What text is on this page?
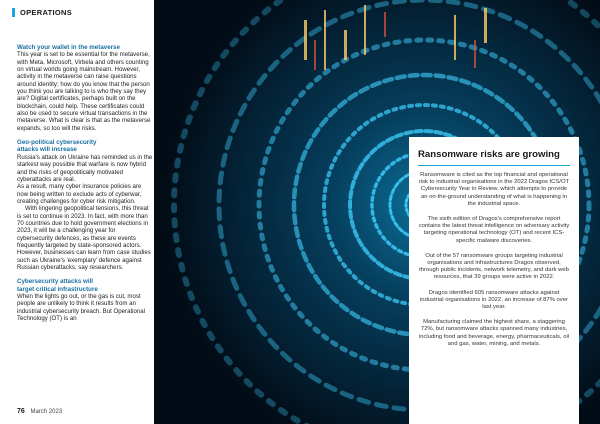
OPERATIONS
Watch your wallet in the metaverse

This year is set to be essential for the metaverse, with Meta, Microsoft, Virbela and others counting on virtual worlds going mainstream. However, activity in the metaverse can raise questions around identity; how do you know that the person you think you are talking to is who they say they are? Digital certificates, perhaps built on the blockchain, could help. These certificates could also be used to secure virtual transactions in the metaverse. What is clear is that as the metaverse expands, so too will the risks.

Geo-political cybersecurity
attacks will increase

Russia's attack on Ukraine has reminded us in the starkest way possible that warfare is now hybrid and the risks of geopolitically motivated cyberattacks are real.

As a result, many cyber insurance policies are now being written to exclude acts of cyberwar, creating challenges for cyber risk mitigation.

With lingering geopolitical tensions, this threat is set to continue in 2023. In fact, with more than 70 countries due to hold government elections in 2023, it will be a challenging year for cybersecurity defences, as these are events frequently targeted by state-sponsored actors. However, businesses can learn from case studies such as Ukraine's 'exemplary' defence against Russian cyberattacks, say researchers.

Cybersecurity attacks will
target critical infrastructure

When the lights go out, or the gas is cut, most people are unlikely to think it results from an industrial cybersecurity breach. But Operational Technology (OT) is an

76 March 2023
Ransomware risks are growing

Ransomware is cited as the top financial and operational risk to industrial organisations in the 2022 Dragos ICS/OT Cybersecurity Year in Review, which attempts to provide an on-the-ground understanding of what is happening in the industrial space.

The sixth edition of Dragos's comprehensive report contains the latest threat intelligence on adversary activity targeting operational technology (OT) and recent ICS-specific malware discoveries.

Out of the 57 ransomware groups targeting industrial organisations and infrastructures Dragos observed, through public incidents, network telemetry, and dark web resources, that 39 groups were active in 2022.

Dragos identified 605 ransomware attacks against industrial organisations in 2022, an increase of 87% over last year.

Manufacturing claimed the highest share, a staggering 72%, but ransomware attacks spanned many industries, including food and beverage, energy, pharmaceuticals, oil and gas, water, mining, and metals.
